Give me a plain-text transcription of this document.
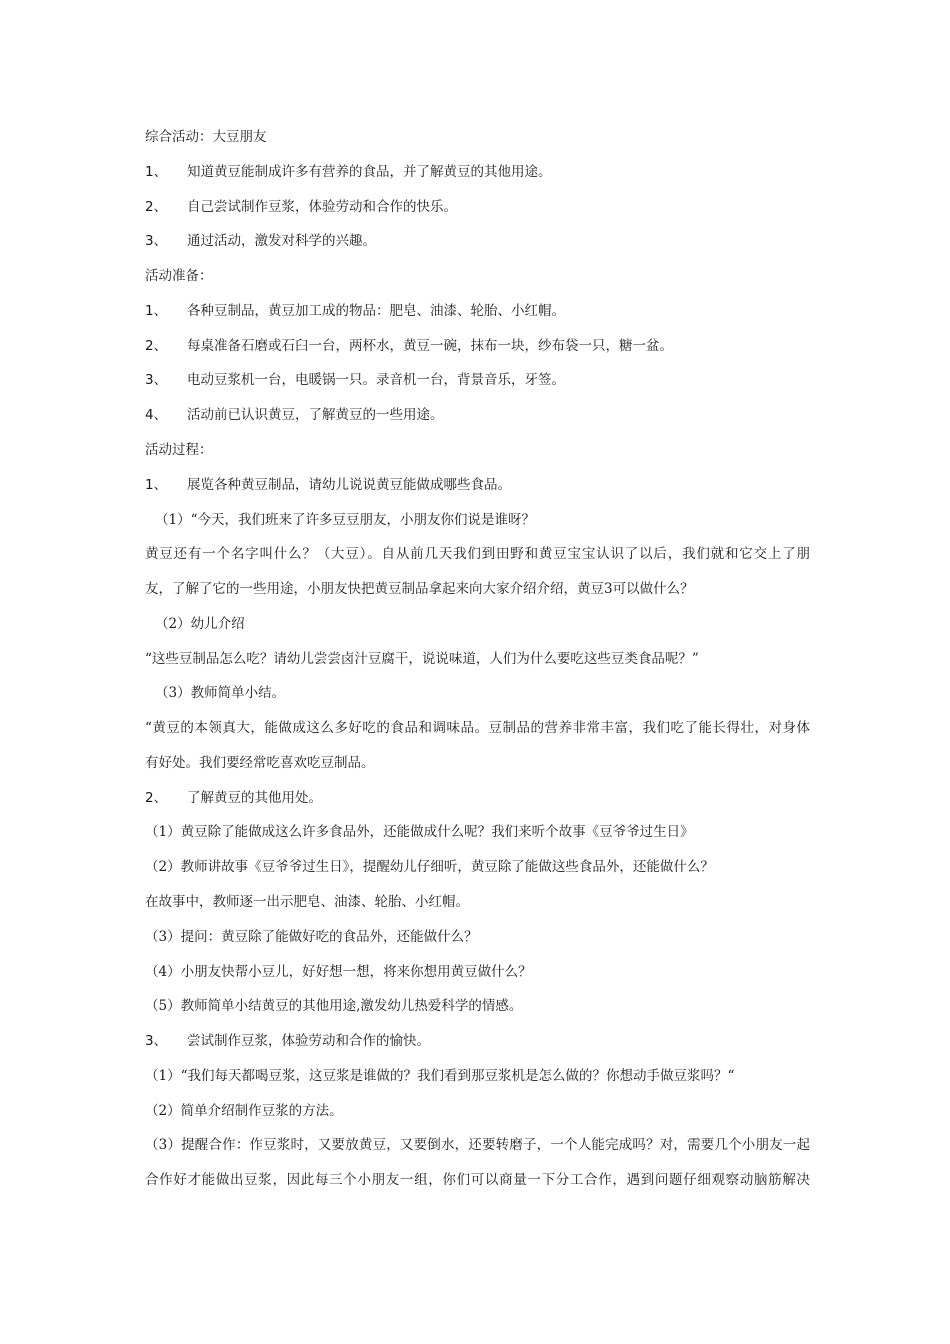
综合活动：大豆朋友
1、 知道黄豆能制成许多有营养的食品，并了解黄豆的其他用途。
2、 自己尝试制作豆浆，体验劳动和合作的快乐。
3、 通过活动，激发对科学的兴趣。
活动准备：
1、 各种豆制品，黄豆加工成的物品：肥皂、油漆、轮胎、小红帽。
2、 每桌准备石磨或石臼一台，两杯水，黄豆一碗，抹布一块，纱布袋一只，糖一盆。
3、 电动豆浆机一台，电暖锅一只。录音机一台，背景音乐，牙签。
4、 活动前已认识黄豆，了解黄豆的一些用途。
活动过程：
1、 展览各种黄豆制品，请幼儿说说黄豆能做成哪些食品。
（1）“今天，我们班来了许多豆豆朋友，小朋友你们说是谁呀？
黄豆还有一个名字叫什么？（大豆）。自从前几天我们到田野和黄豆宝宝认识了以后，我们就和它交上了朋
友，了解了它的一些用途，小朋友快把黄豆制品拿起来向大家介绍介绍，黄豆3可以做什么？
（2）幼儿介绍
“这些豆制品怎么吃？请幼儿尝尝卤汁豆腐干，说说味道，人们为什么要吃这些豆类食品呢？”
（3）教师简单小结。
“黄豆的本领真大，能做成这么多好吃的食品和调味品。豆制品的营养非常丰富，我们吃了能长得壮，对身体
有好处。我们要经常吃喜欢吃豆制品。
2、 了解黄豆的其他用处。
（1）黄豆除了能做成这么许多食品外，还能做成什么呢？我们来听个故事《豆爷爷过生日》
（2）教师讲故事《豆爷爷过生日》，提醒幼儿仔细听，黄豆除了能做这些食品外，还能做什么？
在故事中，教师逐一出示肥皂、油漆、轮胎、小红帽。
（3）提问：黄豆除了能做好吃的食品外，还能做什么？
（4）小朋友快帮小豆儿，好好想一想，将来你想用黄豆做什么？
（5）教师简单小结黄豆的其他用途,激发幼儿热爱科学的情感。
3、 尝试制作豆浆，体验劳动和合作的愉快。
（1）“我们每天都喝豆浆，这豆浆是谁做的？我们看到那豆浆机是怎么做的？你想动手做豆浆吗？“
（2）简单介绍制作豆浆的方法。
（3）提醒合作：作豆浆时，又要放黄豆，又要倒水，还要转磨子，一个人能完成吗？对，需要几个小朋友一起
合作好才能做出豆浆，因此每三个小朋友一组，你们可以商量一下分工合作，遇到问题仔细观察动脑筋解决
